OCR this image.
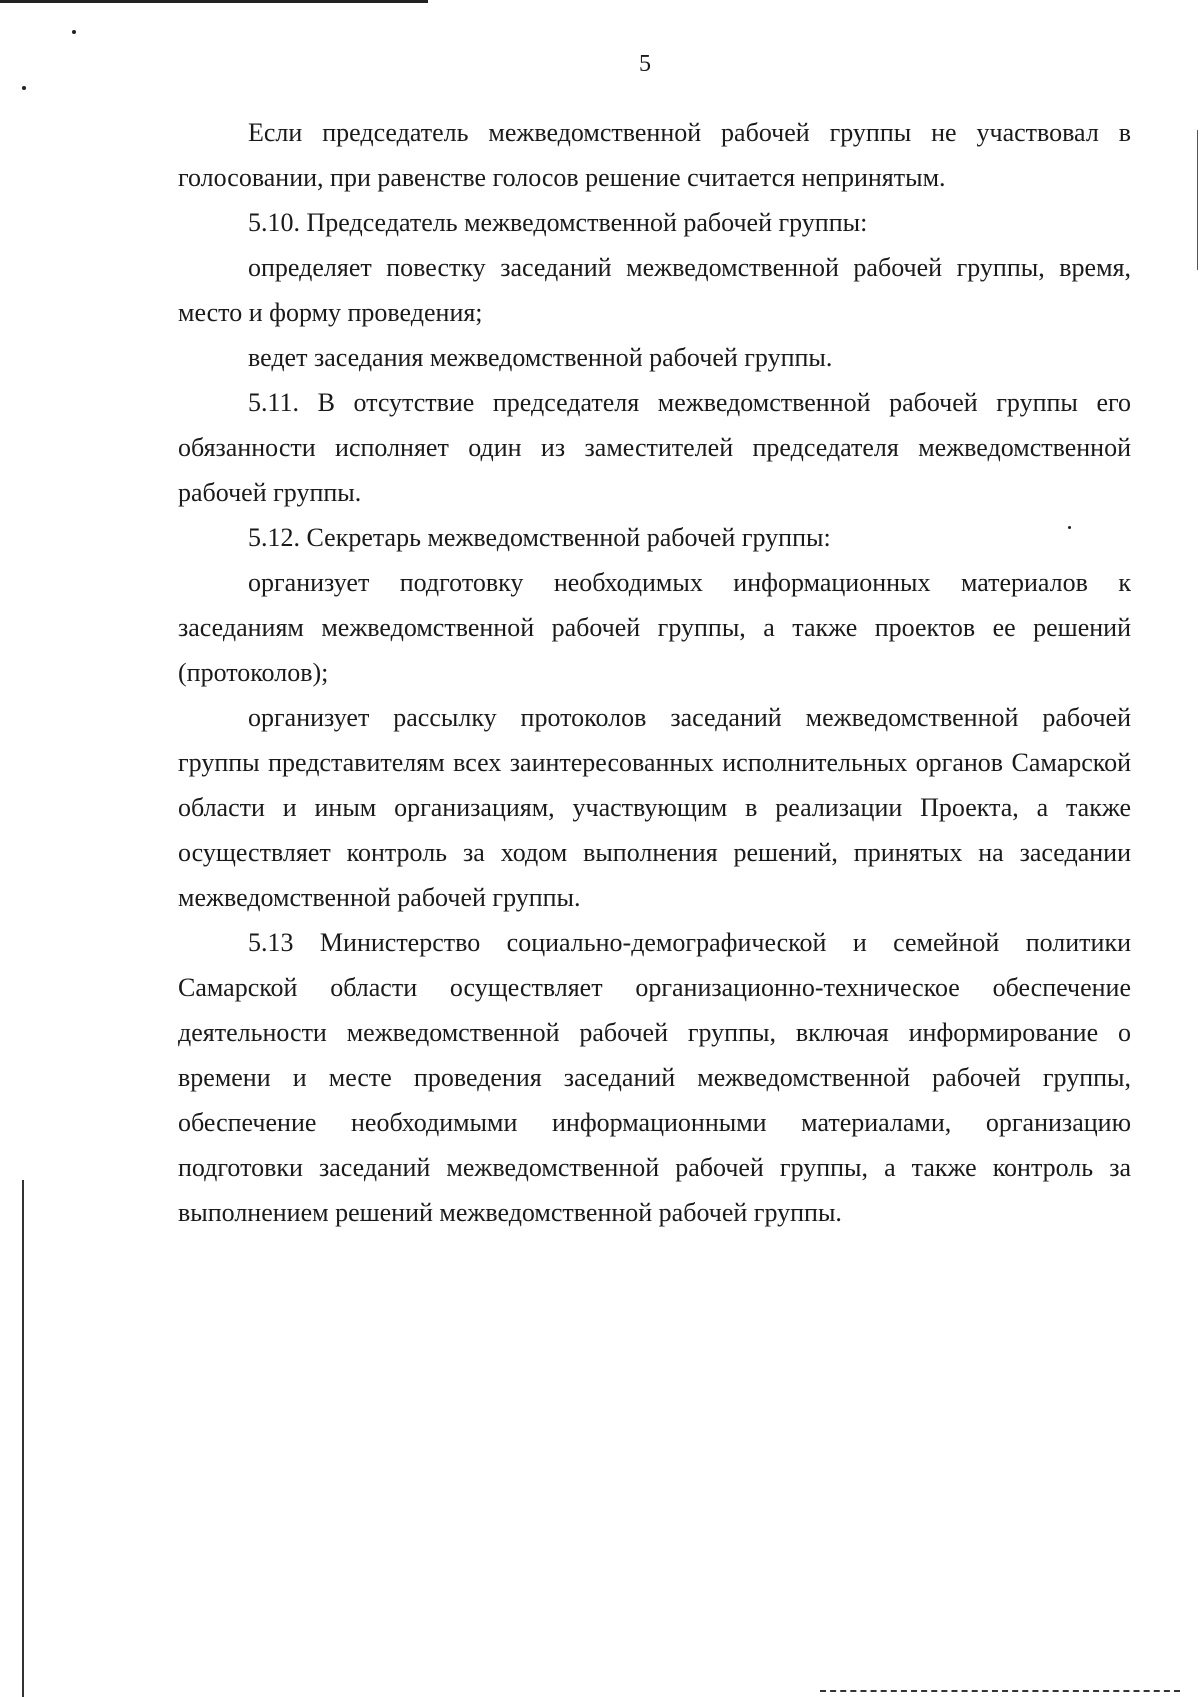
5

Если председатель межведомственной рабочей группы не участвовал в голосовании, при равенстве голосов решение считается непринятым.

5.10. Председатель межведомственной рабочей группы:

определяет повестку заседаний межведомственной рабочей группы, время, место и форму проведения;

ведет заседания межведомственной рабочей группы.

5.11. В отсутствие председателя межведомственной рабочей группы его обязанности исполняет один из заместителей председателя межведомственной рабочей группы.

5.12. Секретарь межведомственной рабочей группы:

организует подготовку необходимых информационных материалов к заседаниям межведомственной рабочей группы, а также проектов ее решений (протоколов);

организует рассылку протоколов заседаний межведомственной рабочей группы представителям всех заинтересованных исполнительных органов Самарской области и иным организациям, участвующим в реализации Проекта, а также осуществляет контроль за ходом выполнения решений, принятых на заседании межведомственной рабочей группы.

5.13 Министерство социально-демографической и семейной политики Самарской области осуществляет организационно-техническое обеспечение деятельности межведомственной рабочей группы, включая информирование о времени и месте проведения заседаний межведомственной рабочей группы, обеспечение необходимыми информационными материалами, организацию подготовки заседаний межведомственной рабочей группы, а также контроль за выполнением решений межведомственной рабочей группы.
